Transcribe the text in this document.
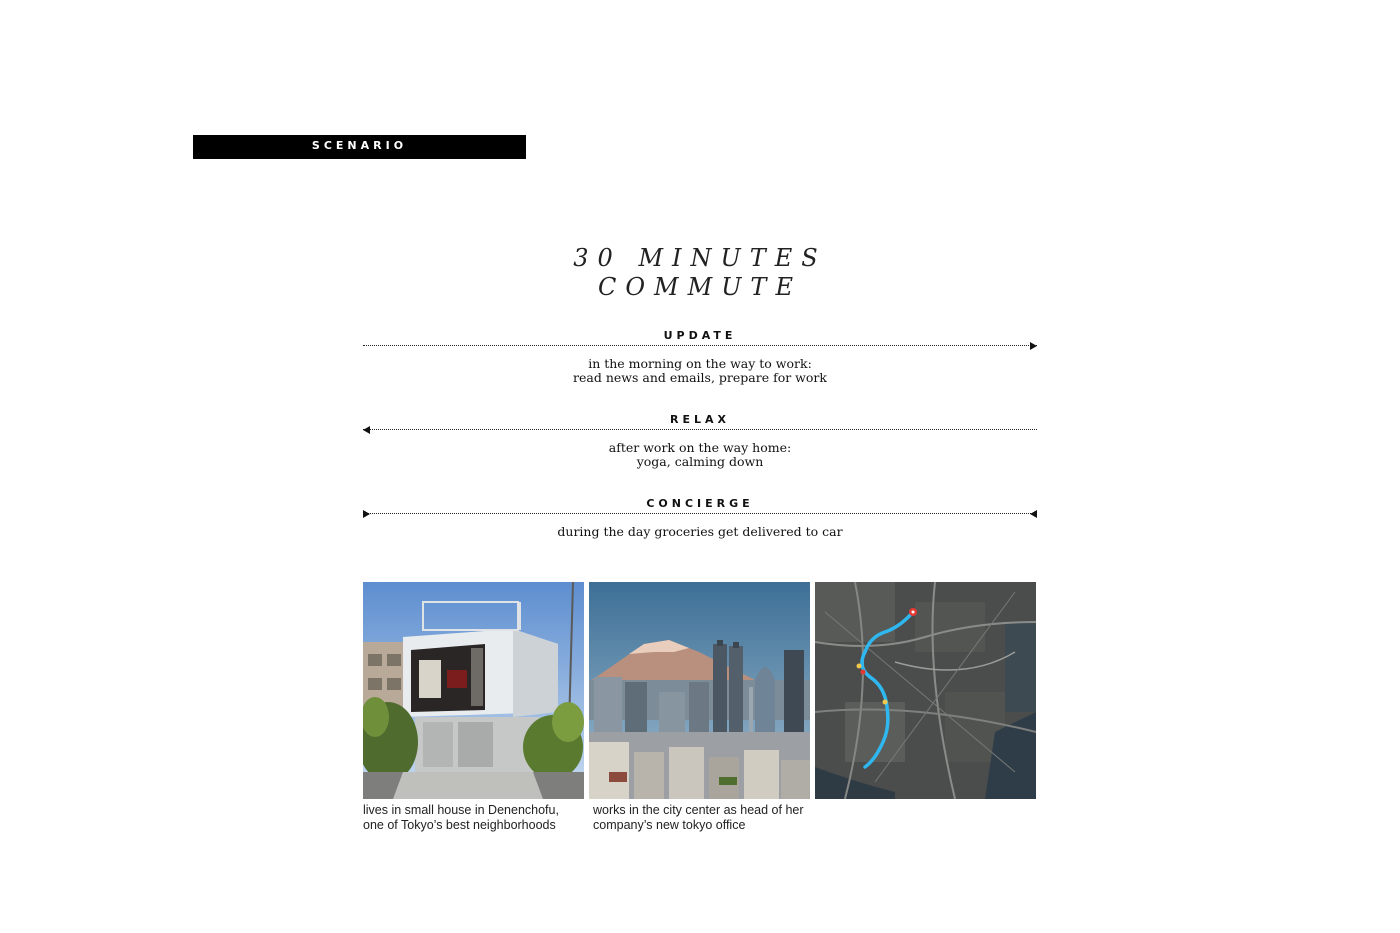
SCENARIO
30 MINUTES
COMMUTE
UPDATE
in the morning on the way to work:
read news and emails, prepare for work
RELAX
after work on the way home:
yoga, calming down
CONCIERGE
during the day groceries get delivered to car
lives in small house in Denenchofu,
one of Tokyo’s best neighborhoods
works in the city center as head of her
company’s new tokyo office
